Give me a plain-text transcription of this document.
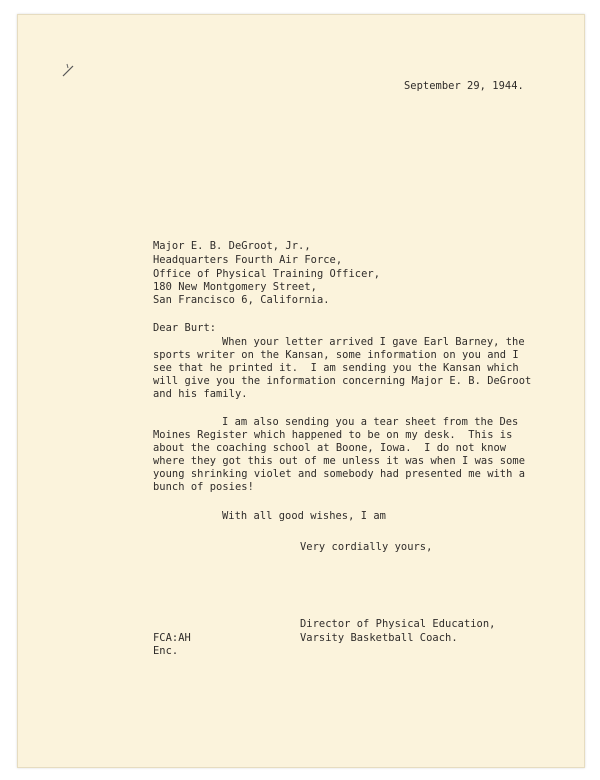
September 29, 1944.
Major E. B. DeGroot, Jr.,
Headquarters Fourth Air Force,
Office of Physical Training Officer,
180 New Montgomery Street,
San Francisco 6, California.
Dear Burt:
When your letter arrived I gave Earl Barney, the
sports writer on the Kansan, some information on you and I
see that he printed it.  I am sending you the Kansan which
will give you the information concerning Major E. B. DeGroot
and his family.
I am also sending you a tear sheet from the Des
Moines Register which happened to be on my desk.  This is
about the coaching school at Boone, Iowa.  I do not know
where they got this out of me unless it was when I was some
young shrinking violet and somebody had presented me with a
bunch of posies!
With all good wishes, I am
Very cordially yours,
Director of Physical Education,
Varsity Basketball Coach.
FCA:AH
Enc.
